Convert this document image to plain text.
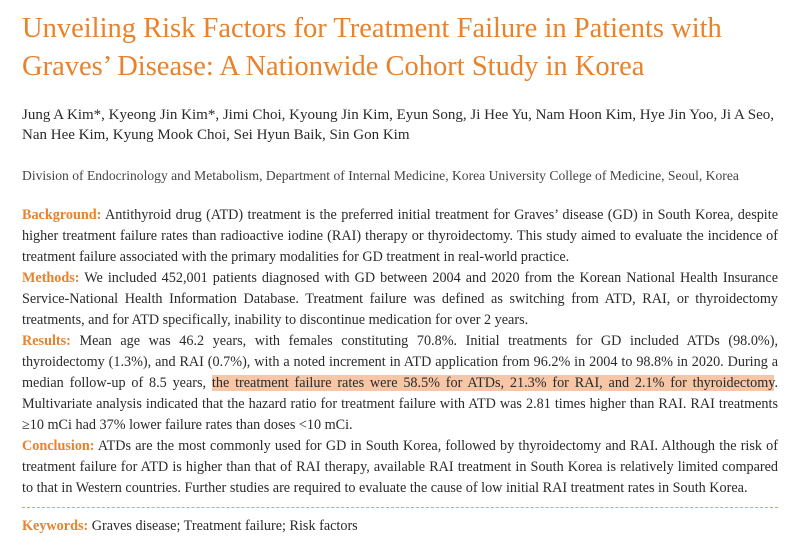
Unveiling Risk Factors for Treatment Failure in Patients with Graves’ Disease: A Nationwide Cohort Study in Korea

Jung A Kim*, Kyeong Jin Kim*, Jimi Choi, Kyoung Jin Kim, Eyun Song, Ji Hee Yu, Nam Hoon Kim, Hye Jin Yoo, Ji A Seo, Nan Hee Kim, Kyung Mook Choi, Sei Hyun Baik, Sin Gon Kim

Division of Endocrinology and Metabolism, Department of Internal Medicine, Korea University College of Medicine, Seoul, Korea

Background: Antithyroid drug (ATD) treatment is the preferred initial treatment for Graves’ disease (GD) in South Korea, despite higher treatment failure rates than radioactive iodine (RAI) therapy or thyroidectomy. This study aimed to evaluate the incidence of treatment failure associated with the primary modalities for GD treatment in real-world practice.

Methods: We included 452,001 patients diagnosed with GD between 2004 and 2020 from the Korean National Health Insurance Service-National Health Information Database. Treatment failure was defined as switching from ATD, RAI, or thyroidectomy treatments, and for ATD specifically, inability to discontinue medication for over 2 years.

Results: Mean age was 46.2 years, with females constituting 70.8%. Initial treatments for GD included ATDs (98.0%), thyroidectomy (1.3%), and RAI (0.7%), with a noted increment in ATD application from 96.2% in 2004 to 98.8% in 2020. During a median follow-up of 8.5 years, the treatment failure rates were 58.5% for ATDs, 21.3% for RAI, and 2.1% for thyroidectomy. Multivariate analysis indicated that the hazard ratio for treatment failure with ATD was 2.81 times higher than RAI. RAI treatments ≥10 mCi had 37% lower failure rates than doses <10 mCi.

Conclusion: ATDs are the most commonly used for GD in South Korea, followed by thyroidectomy and RAI. Although the risk of treatment failure for ATD is higher than that of RAI therapy, available RAI treatment in South Korea is relatively limited compared to that in Western countries. Further studies are required to evaluate the cause of low initial RAI treatment rates in South Korea.

Keywords: Graves disease; Treatment failure; Risk factors
